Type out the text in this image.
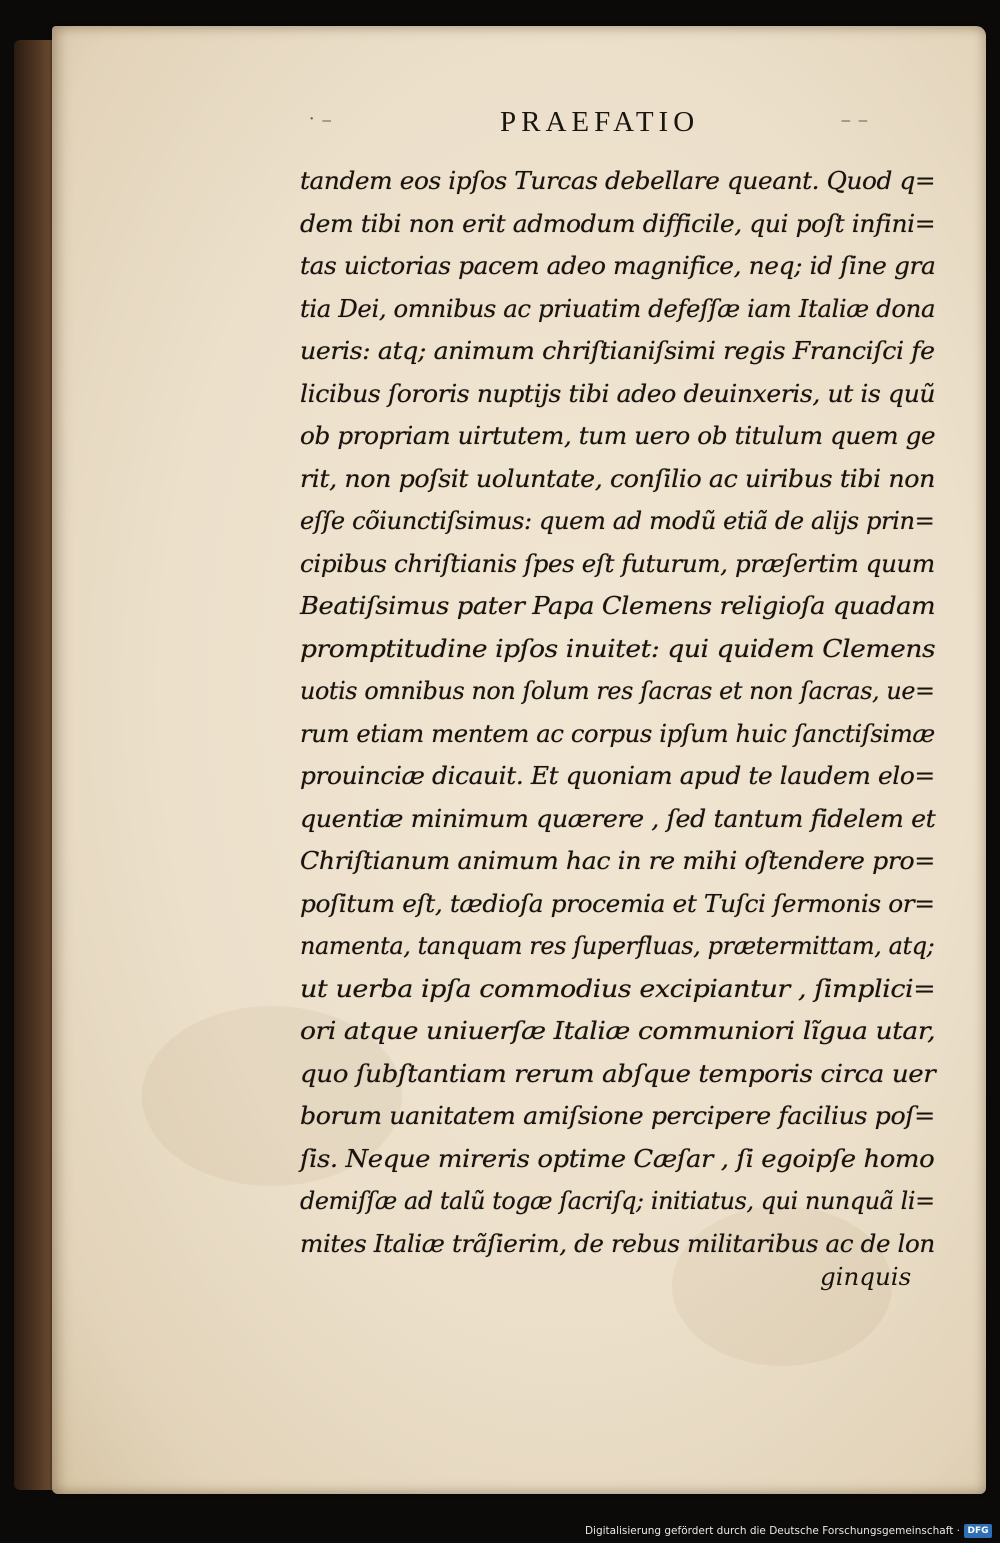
˙ ⁻	⁻ ⁻
PRAEFATIO
tandem eos ipſos Turcas debellare queant. Quod q=
dem tibi non erit admodum difficile, qui poſt infini=
tas uictorias pacem adeo magnifice, neq; id ſine gra
tia Dei, omnibus ac priuatim defeſſæ iam Italiæ dona
ueris: atq; animum chriſtianiſsimi regis Franciſci fe
licibus ſororis nuptijs tibi adeo deuinxeris, ut is quũ
ob propriam uirtutem, tum uero ob titulum quem ge
rit, non poſsit uoluntate, conſilio ac uiribus tibi non
eſſe cõiunctiſsimus: quem ad modũ etiã de alijs prin=
cipibus chriſtianis ſpes eſt futurum, præſertim quum
Beatiſsimus pater Papa Clemens religioſa quadam
promptitudine ipſos inuitet: qui quidem Clemens
uotis omnibus non ſolum res ſacras et non ſacras, ue=
rum etiam mentem ac corpus ipſum huic ſanctiſsimæ
prouinciæ dicauit. Et quoniam apud te laudem elo=
quentiæ minimum quærere , ſed tantum fidelem et
Chriſtianum animum hac in re mihi oſtendere pro=
poſitum eſt, tædioſa procemia et Tuſci ſermonis or=
namenta, tanquam res ſuperfluas, prætermittam, atq;
ut uerba ipſa commodius excipiantur , ſimplici=
ori atque uniuerſæ Italiæ communiori lĩgua utar,
quo ſubſtantiam rerum abſque temporis circa uer
borum uanitatem amiſsione percipere facilius poſ=
ſis. Neque mireris optime Cæſar , ſi egoipſe homo
demiſſæ ad talũ togæ ſacriſq; initiatus, qui nunquã li=
mites Italiæ trãſierim, de rebus militaribus ac de lon
ginquis
Digitalisierung gefördert durch die Deutsche Forschungsgemeinschaft · DFG
